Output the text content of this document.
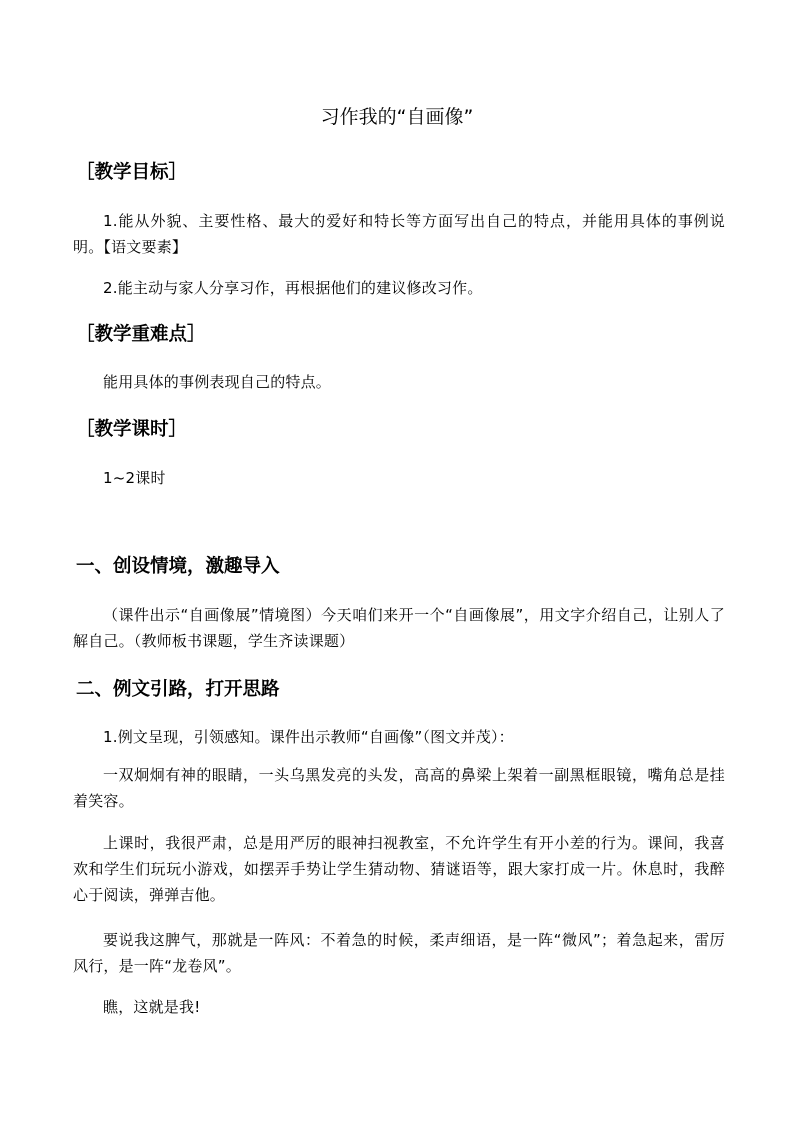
习作我的“自画像”
［教学目标］
1.能从外貌、主要性格、最大的爱好和特长等方面写出自己的特点，并能用具体的事例说明。【语文要素】
2.能主动与家人分享习作，再根据他们的建议修改习作。
［教学重难点］
能用具体的事例表现自己的特点。
［教学课时］
1~2课时
一、创设情境，激趣导入
（课件出示“自画像展”情境图）今天咱们来开一个“自画像展”，用文字介绍自己，让别人了解自己。（教师板书课题，学生齐读课题）
二、例文引路，打开思路
1.例文呈现，引领感知。课件出示教师“自画像”（图文并茂）：
一双炯炯有神的眼睛，一头乌黑发亮的头发，高高的鼻梁上架着一副黑框眼镜，嘴角总是挂着笑容。
上课时，我很严肃，总是用严厉的眼神扫视教室，不允许学生有开小差的行为。课间，我喜欢和学生们玩玩小游戏，如摆弄手势让学生猜动物、猜谜语等，跟大家打成一片。休息时，我醉心于阅读，弹弹吉他。
要说我这脾气，那就是一阵风：不着急的时候，柔声细语，是一阵“微风”；着急起来，雷厉风行，是一阵“龙卷风”。
瞧，这就是我!
